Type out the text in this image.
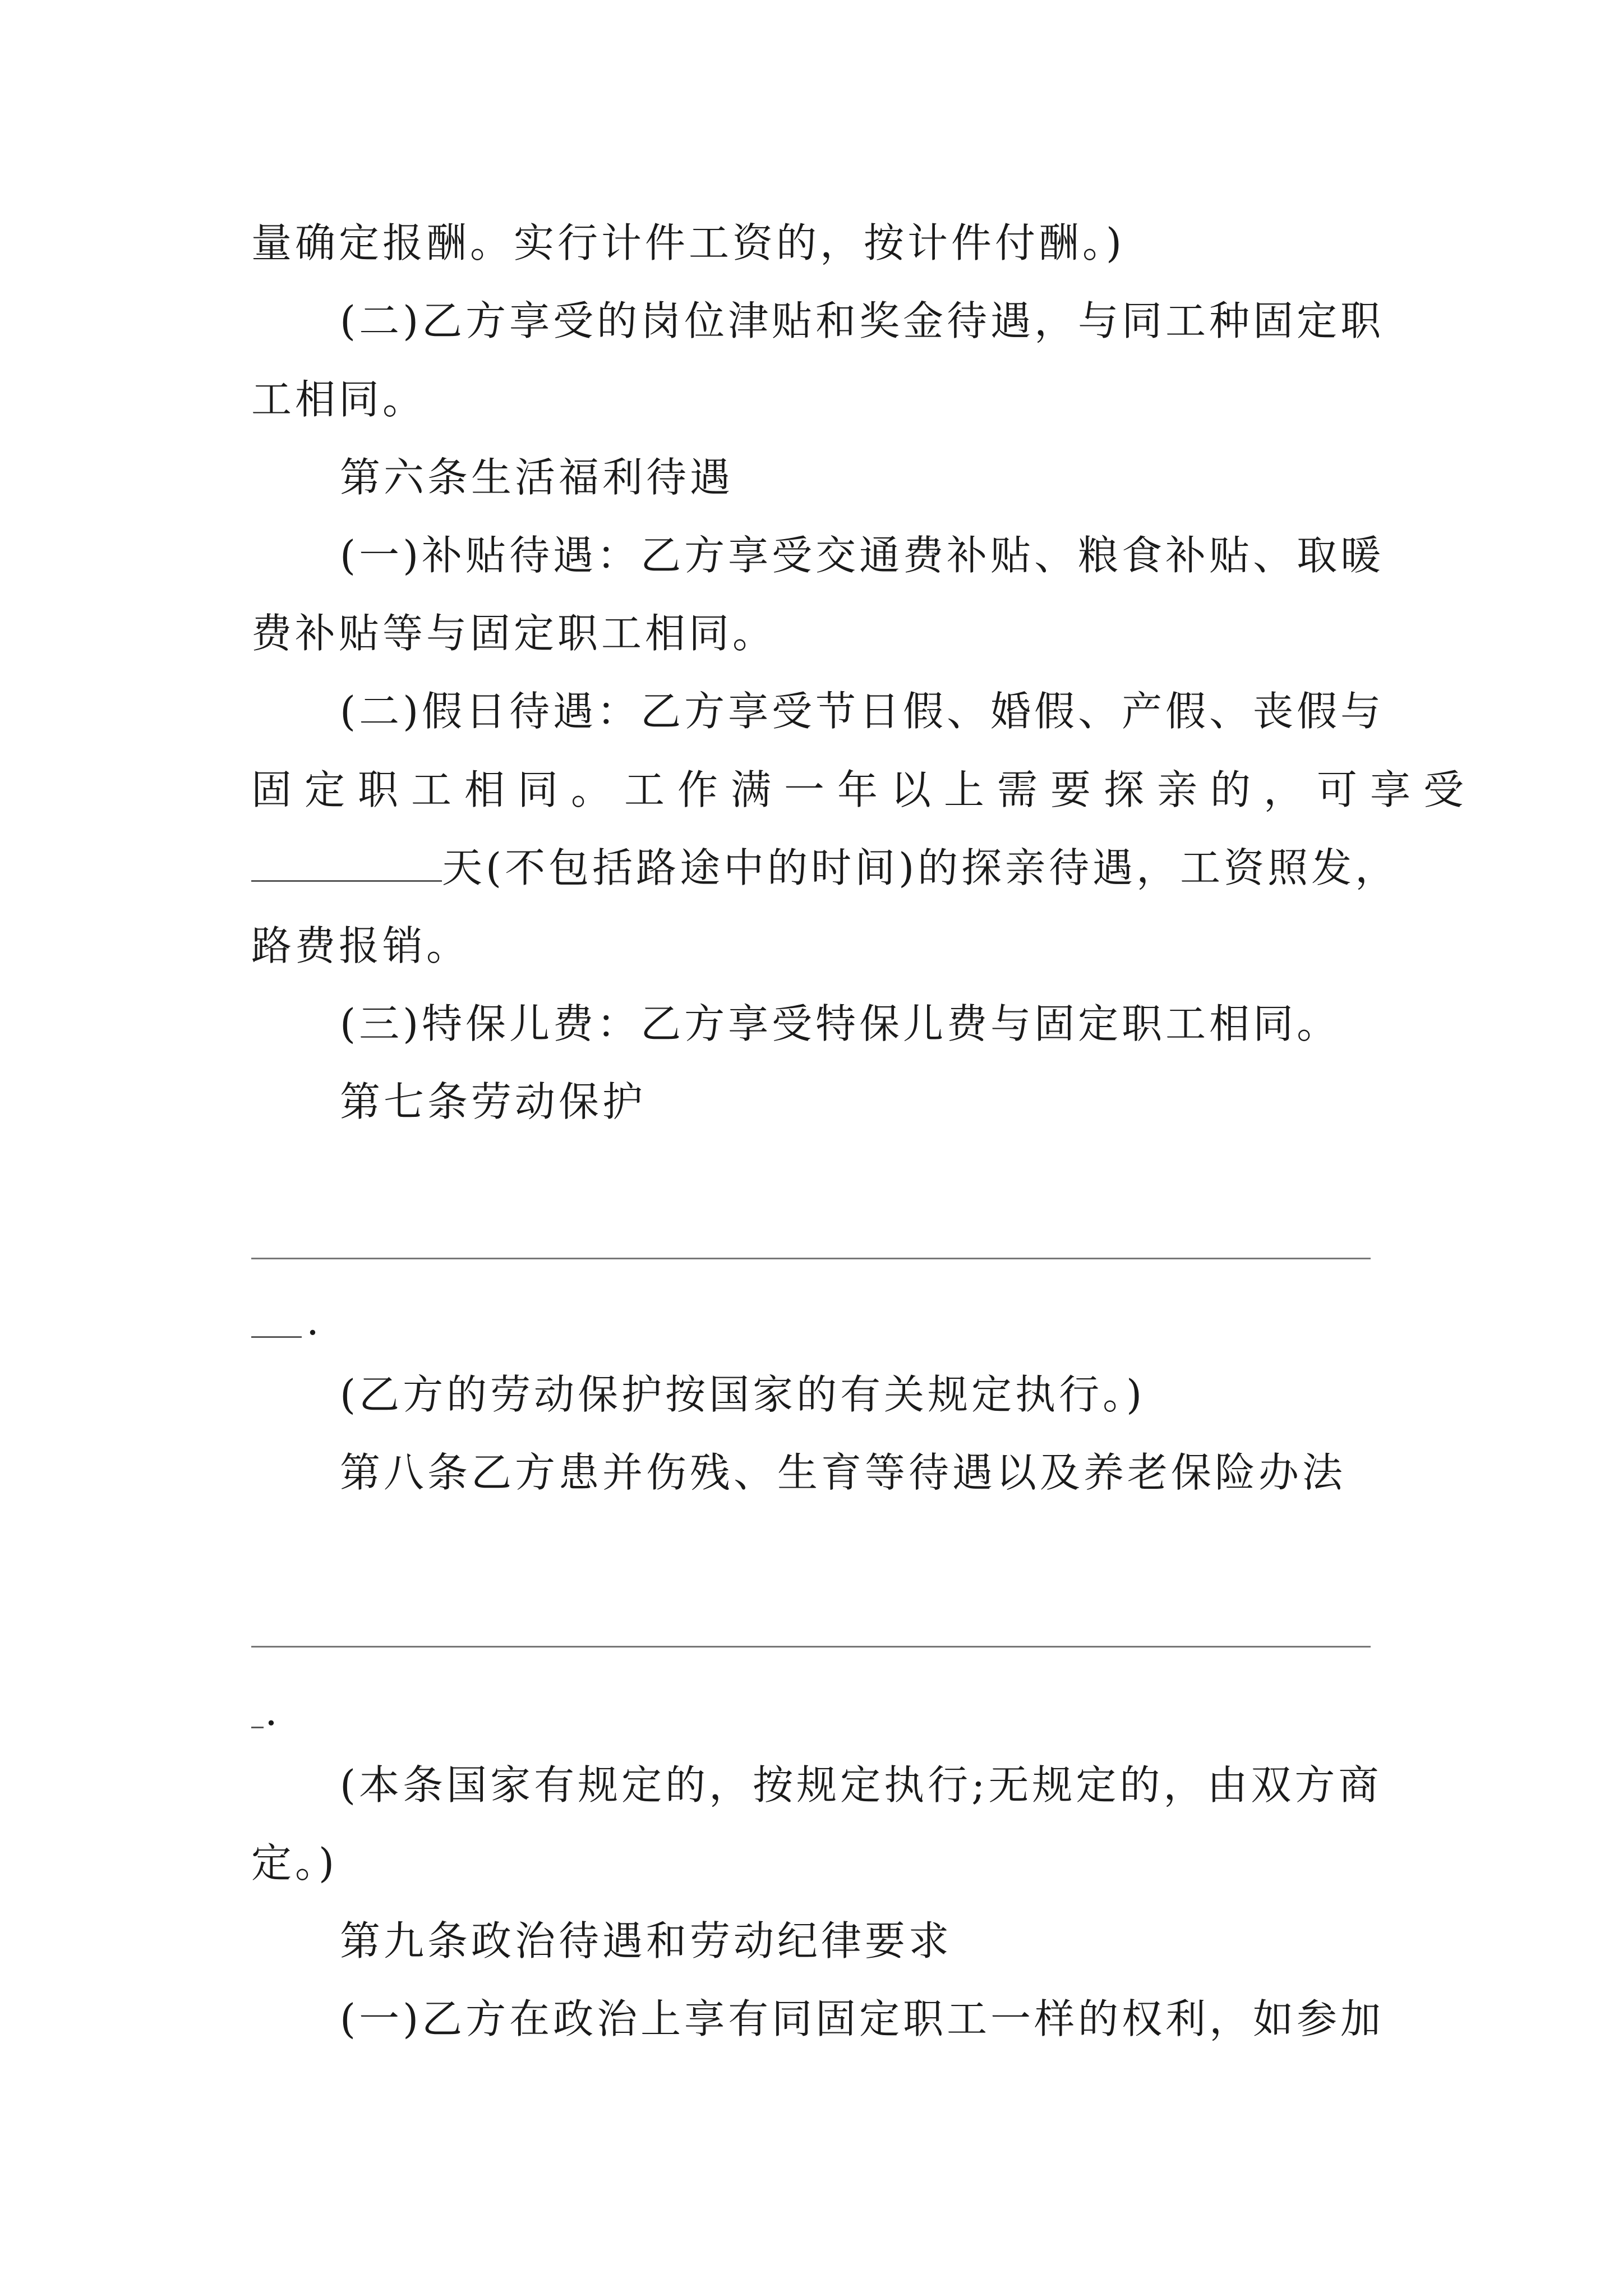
量确定报酬。实行计件工资的，按计件付酬。)
(二)乙方享受的岗位津贴和奖金待遇，与同工种固定职
工相同。
第六条生活福利待遇
(一)补贴待遇：乙方享受交通费补贴、粮食补贴、取暖
费补贴等与固定职工相同。
(二)假日待遇：乙方享受节日假、婚假、产假、丧假与
固定职工相同。工作满一年以上需要探亲的，可享受
天(不包括路途中的时间)的探亲待遇，工资照发，
路费报销。
(三)特保儿费：乙方享受特保儿费与固定职工相同。
第七条劳动保护
.
(乙方的劳动保护按国家的有关规定执行。)
第八条乙方患并伤残、生育等待遇以及养老保险办法
.
(本条国家有规定的，按规定执行;无规定的，由双方商
定。)
第九条政治待遇和劳动纪律要求
(一)乙方在政治上享有同固定职工一样的权利，如参加
